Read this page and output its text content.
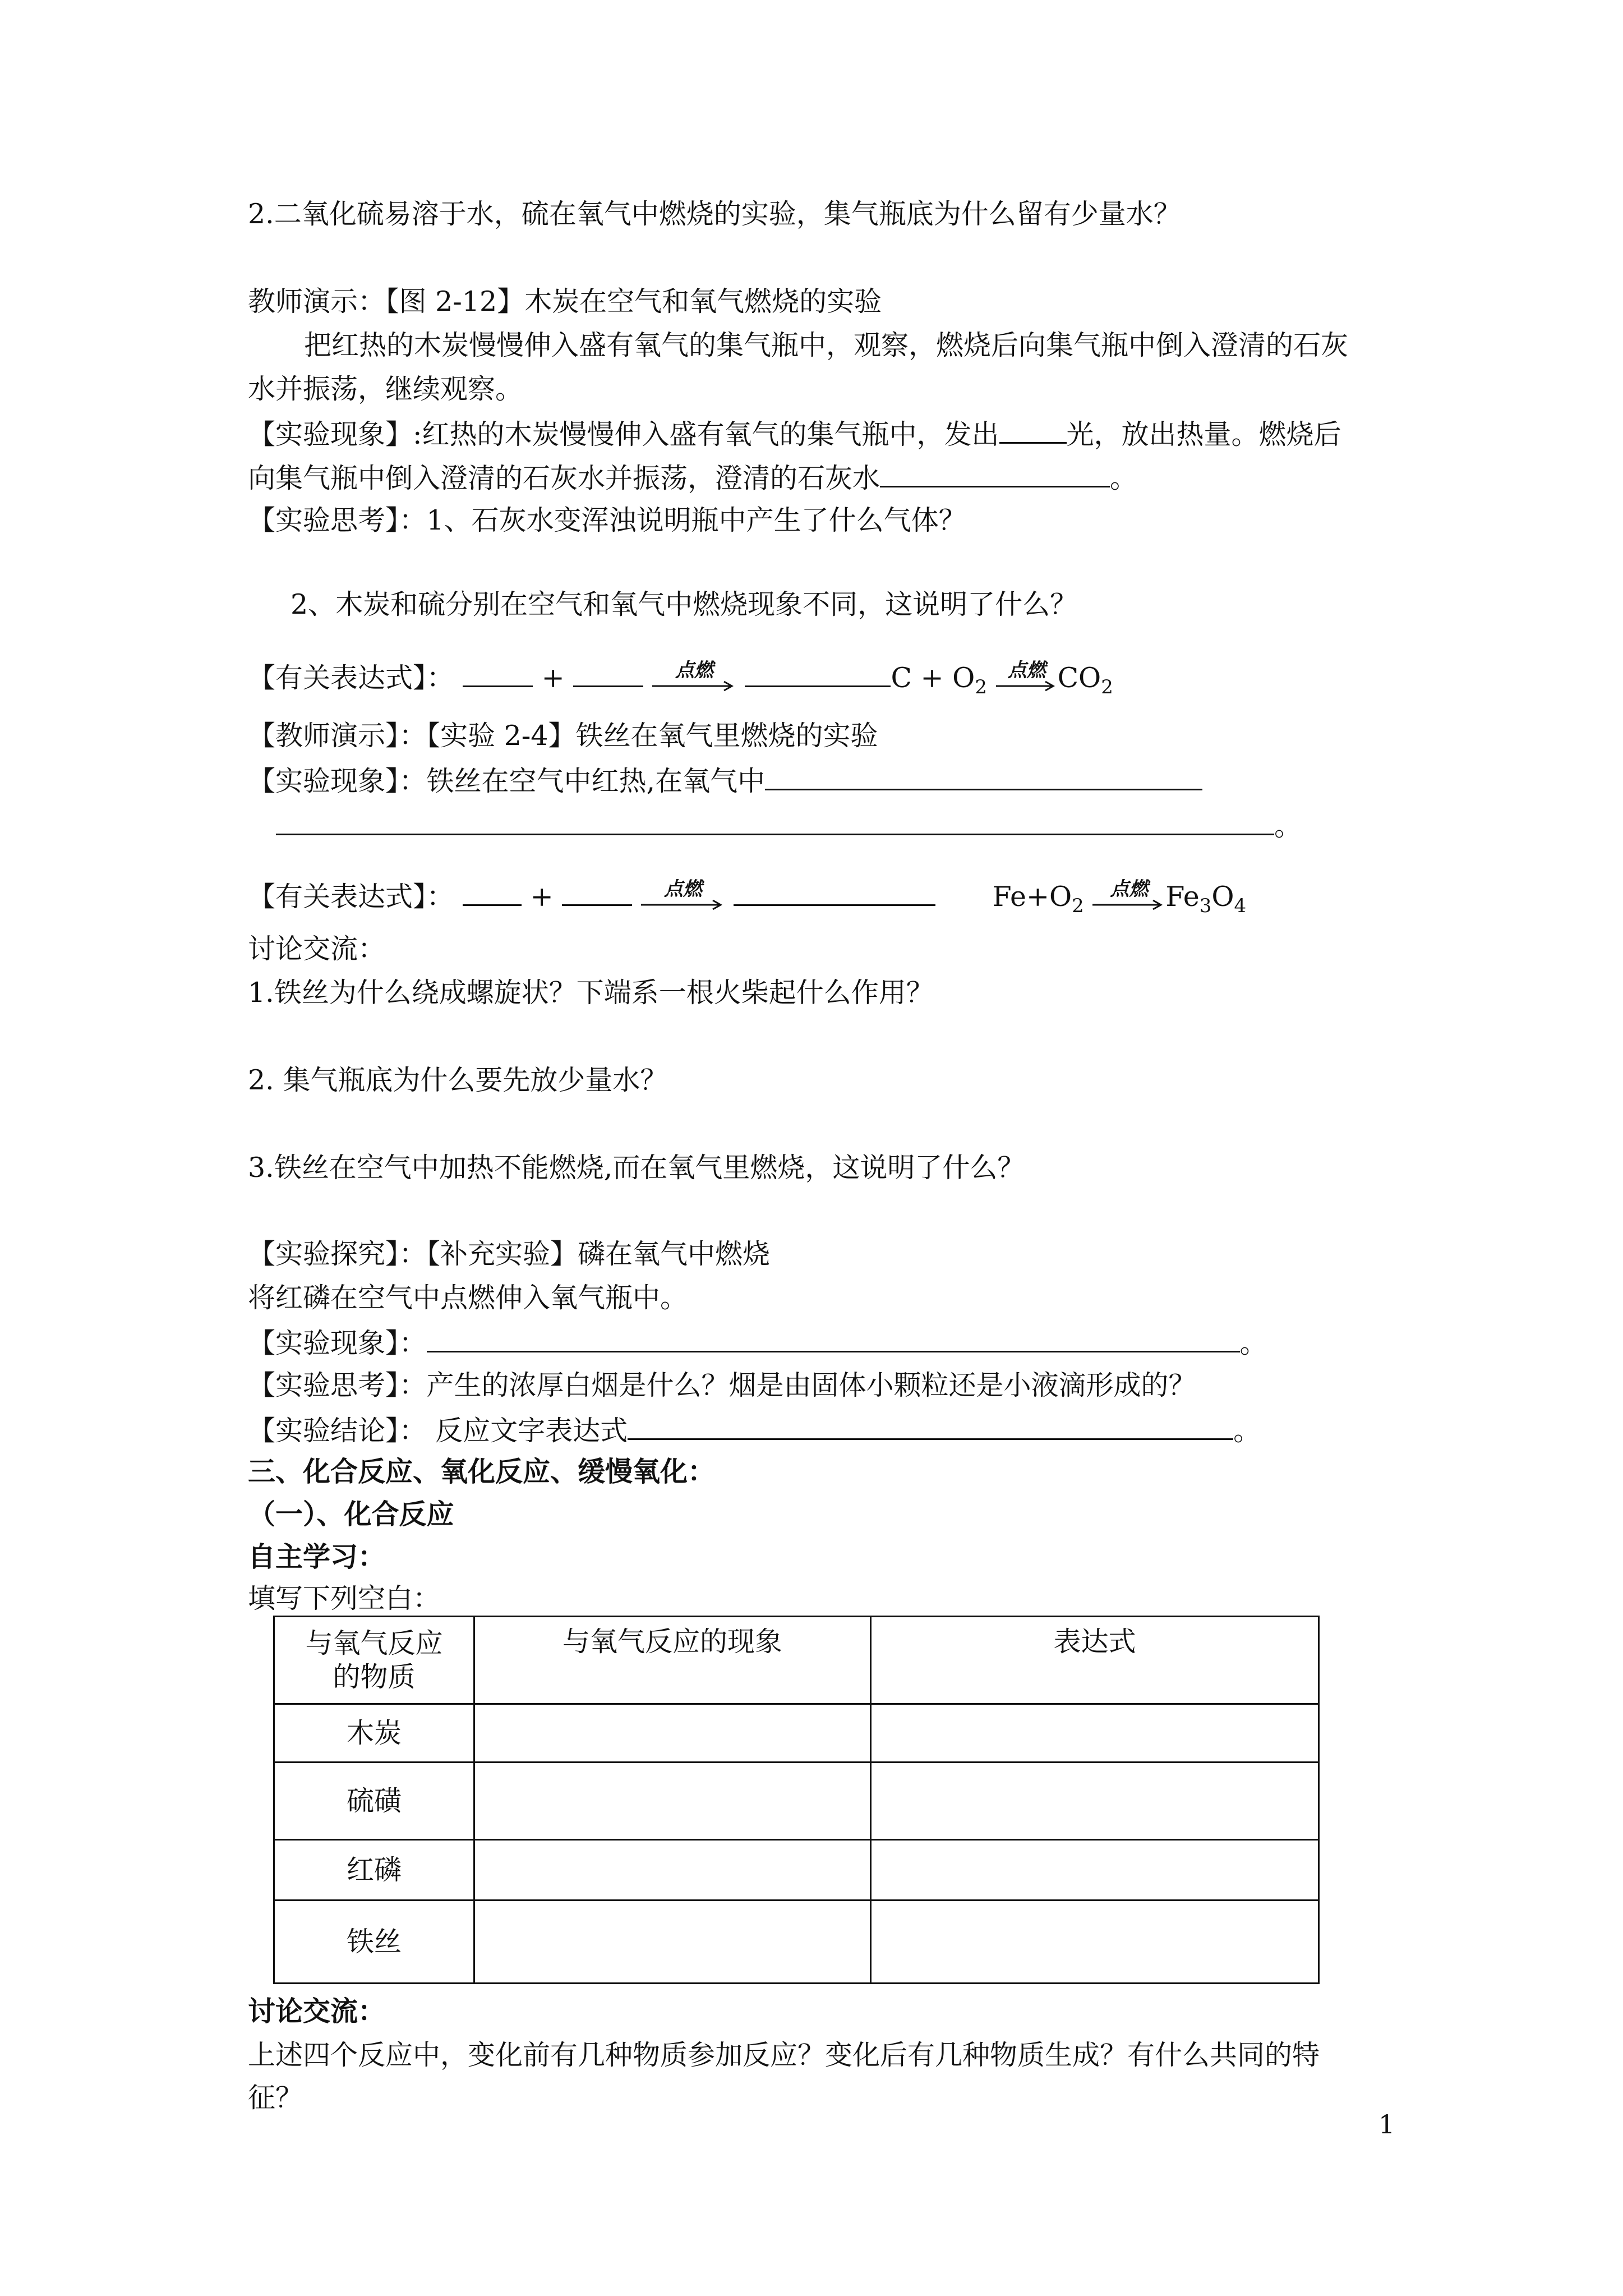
2.二氧化硫易溶于水，硫在氧气中燃烧的实验，集气瓶底为什么留有少量水？
教师演示：【图 2-12】木炭在空气和氧气燃烧的实验
把红热的木炭慢慢伸入盛有氧气的集气瓶中，观察，燃烧后向集气瓶中倒入澄清的石灰
水并振荡，继续观察。
【实验现象】:红热的木炭慢慢伸入盛有氧气的集气瓶中，发出 光，放出热量。燃烧后
向集气瓶中倒入澄清的石灰水并振荡，澄清的石灰水	。
【实验思考】：1、石灰水变浑浊说明瓶中产生了什么气体？
2、木炭和硫分别在空气和氧气中燃烧现象不同，这说明了什么？
【有关表达式】：	+	点燃	$C + O_2$
点燃 $CO_2$
【教师演示】：【实验 2-4】铁丝在氧气里燃烧的实验
【实验现象】：铁丝在空气中红热,在氧气中
。
【有关表达式】：	+	点燃	$Fe+O_2$
点燃 $Fe_3O_4$
讨论交流：
1.铁丝为什么绕成螺旋状？下端系一根火柴起什么作用？
2. 集气瓶底为什么要先放少量水？
3.铁丝在空气中加热不能燃烧,而在氧气里燃烧，这说明了什么？
【实验探究】：【补充实验】磷在氧气中燃烧
将红磷在空气中点燃伸入氧气瓶中。
【实验现象】：	。
【实验思考】：产生的浓厚白烟是什么？烟是由固体小颗粒还是小液滴形成的？
【实验结论】： 反应文字表达式	。
三、化合反应、氧化反应、缓慢氧化：
（一）、化合反应
自主学习：
填写下列空白：
与氧气反应
的物质	与氧气反应的现象	表达式
木炭		
硫磺		
红磷		
铁丝		
讨论交流：
上述四个反应中，变化前有几种物质参加反应？变化后有几种物质生成？有什么共同的特
征？
1
